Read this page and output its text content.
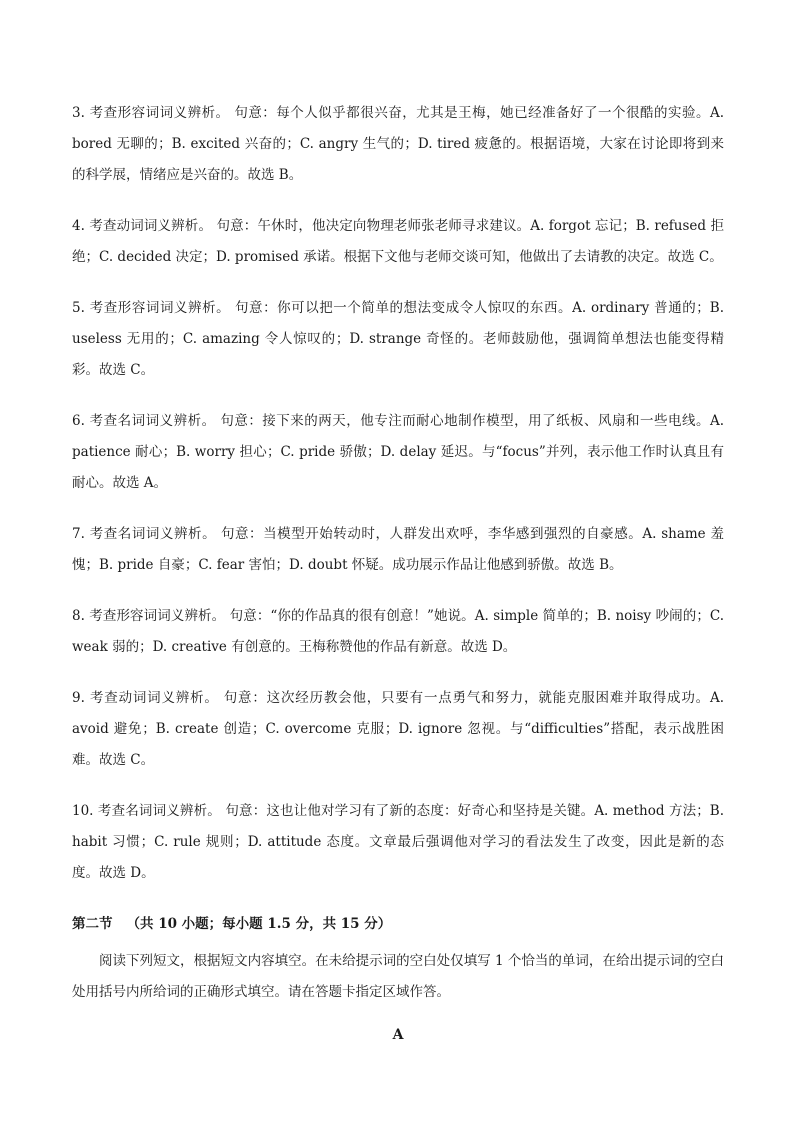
3. 考查形容词词义辨析。 句意：每个人似乎都很兴奋，尤其是王梅，她已经准备好了一个很酷的实验。A. bored 无聊的；B. excited 兴奋的；C. angry 生气的；D. tired 疲惫的。根据语境，大家在讨论即将到来的科学展，情绪应是兴奋的。故选 B。

4. 考查动词词义辨析。 句意：午休时，他决定向物理老师张老师寻求建议。A. forgot 忘记；B. refused 拒绝；C. decided 决定；D. promised 承诺。根据下文他与老师交谈可知，他做出了去请教的决定。故选 C。

5. 考查形容词词义辨析。 句意：你可以把一个简单的想法变成令人惊叹的东西。A. ordinary 普通的；B. useless 无用的；C. amazing 令人惊叹的；D. strange 奇怪的。老师鼓励他，强调简单想法也能变得精彩。故选 C。

6. 考查名词词义辨析。 句意：接下来的两天，他专注而耐心地制作模型，用了纸板、风扇和一些电线。A. patience 耐心；B. worry 担心；C. pride 骄傲；D. delay 延迟。与“focus”并列，表示他工作时认真且有耐心。故选 A。

7. 考查名词词义辨析。 句意：当模型开始转动时，人群发出欢呼，李华感到强烈的自豪感。A. shame 羞愧；B. pride 自豪；C. fear 害怕；D. doubt 怀疑。成功展示作品让他感到骄傲。故选 B。

8. 考查形容词词义辨析。 句意：“你的作品真的很有创意！”她说。A. simple 简单的；B. noisy 吵闹的；C. weak 弱的；D. creative 有创意的。王梅称赞他的作品有新意。故选 D。

9. 考查动词词义辨析。 句意：这次经历教会他，只要有一点勇气和努力，就能克服困难并取得成功。A. avoid 避免；B. create 创造；C. overcome 克服；D. ignore 忽视。与“difficulties”搭配，表示战胜困难。故选 C。

10. 考查名词词义辨析。 句意：这也让他对学习有了新的态度：好奇心和坚持是关键。A. method 方法；B. habit 习惯；C. rule 规则；D. attitude 态度。文章最后强调他对学习的看法发生了改变，因此是新的态度。故选 D。

第二节 （共 10 小题；每小题 1.5 分，共 15 分）

阅读下列短文，根据短文内容填空。在未给提示词的空白处仅填写 1 个恰当的单词，在给出提示词的空白处用括号内所给词的正确形式填空。请在答题卡指定区域作答。

A
